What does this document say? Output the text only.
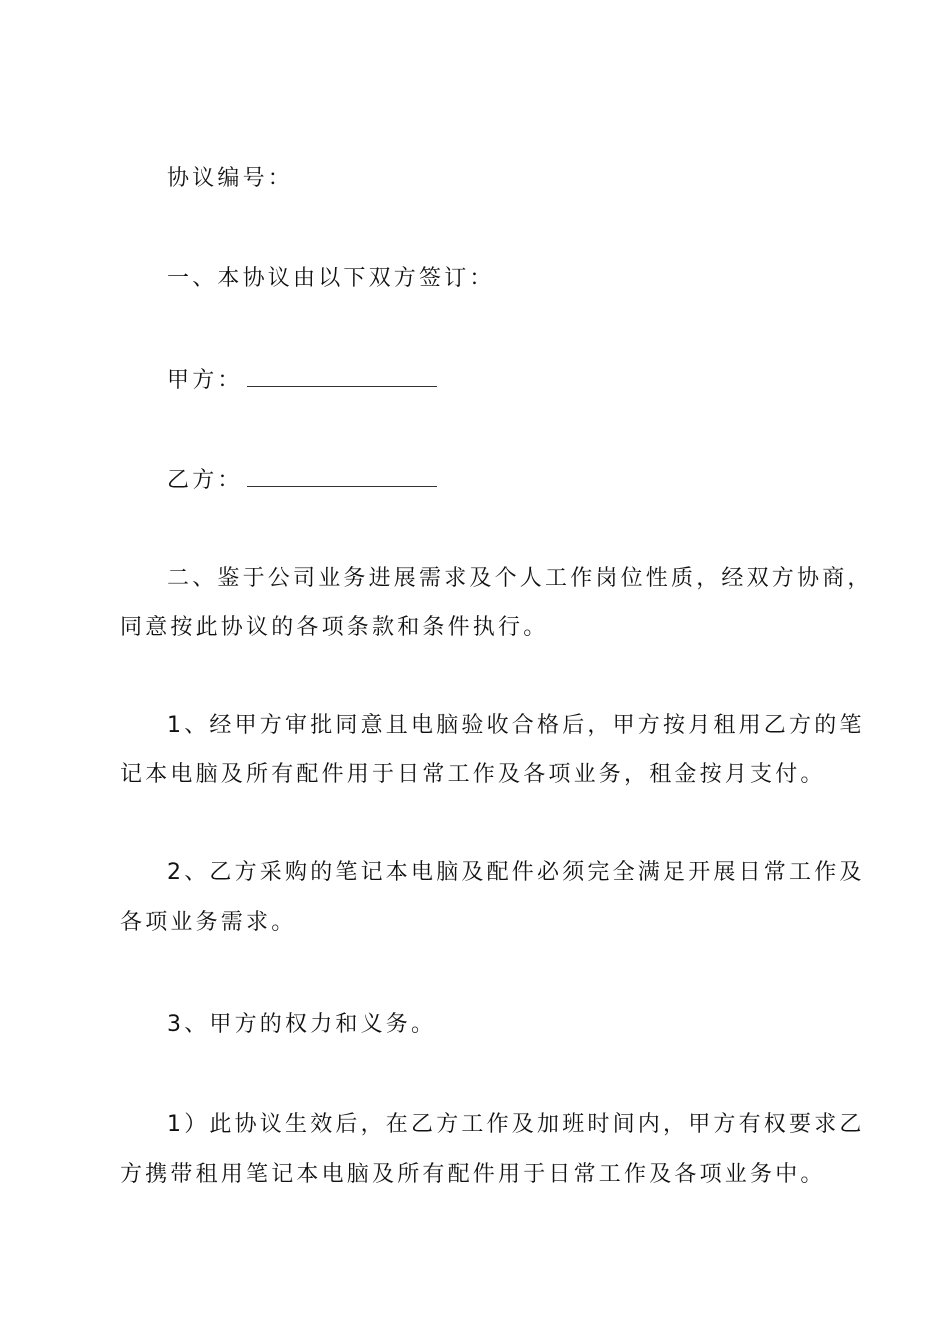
协议编号：
一、本协议由以下双方签订：
甲方：
乙方：
二、鉴于公司业务进展需求及个人工作岗位性质，经双方协商，
同意按此协议的各项条款和条件执行。
1、经甲方审批同意且电脑验收合格后，甲方按月租用乙方的笔
记本电脑及所有配件用于日常工作及各项业务，租金按月支付。
2、乙方采购的笔记本电脑及配件必须完全满足开展日常工作及
各项业务需求。
3、甲方的权力和义务。
1）此协议生效后，在乙方工作及加班时间内，甲方有权要求乙
方携带租用笔记本电脑及所有配件用于日常工作及各项业务中。
